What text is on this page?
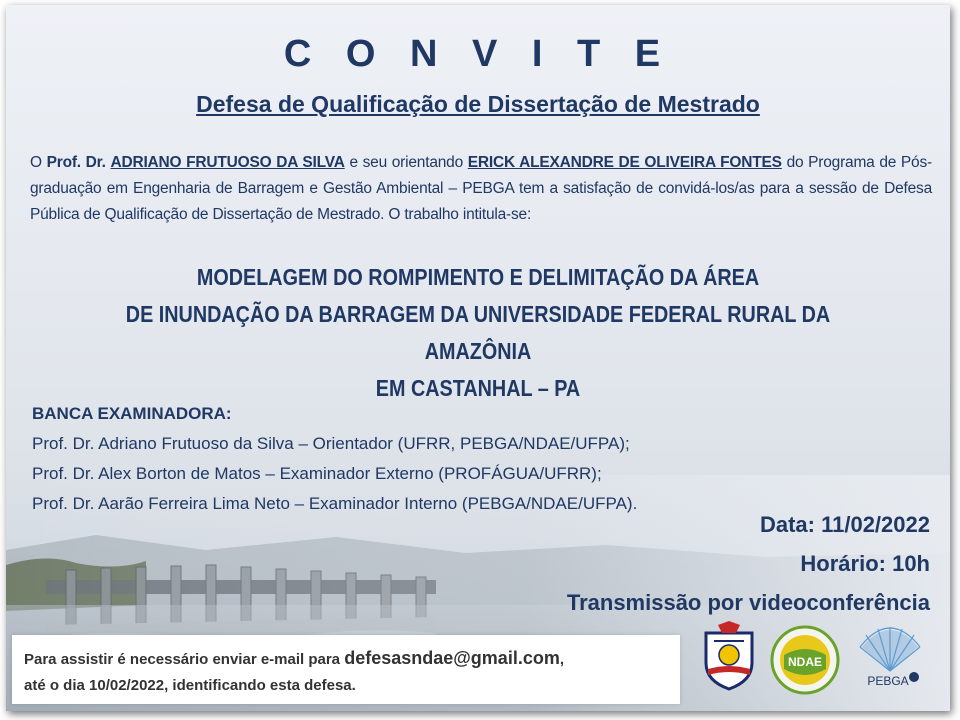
C O N V I T E
Defesa de Qualificação de Dissertação de Mestrado
O Prof. Dr. ADRIANO FRUTUOSO DA SILVA e seu orientando ERICK ALEXANDRE DE OLIVEIRA FONTES do Programa de Pós-graduação em Engenharia de Barragem e Gestão Ambiental – PEBGA tem a satisfação de convidá-los/as para a sessão de Defesa Pública de Qualificação de Dissertação de Mestrado. O trabalho intitula-se:
MODELAGEM DO ROMPIMENTO E DELIMITAÇÃO DA ÁREA
DE INUNDAÇÃO DA BARRAGEM DA UNIVERSIDADE FEDERAL RURAL DA AMAZÔNIA
EM CASTANHAL – PA
BANCA EXAMINADORA:
Prof. Dr. Adriano Frutuoso da Silva – Orientador (UFRR, PEBGA/NDAE/UFPA);
Prof. Dr. Alex Borton de Matos – Examinador Externo (PROFÁGUA/UFRR);
Prof. Dr. Aarão Ferreira Lima Neto – Examinador Interno (PEBGA/NDAE/UFPA).
Data: 11/02/2022
Horário: 10h
Transmissão por videoconferência

Para assistir é necessário enviar e-mail para defesasndae@gmail.com,
até o dia 10/02/2022, identificando esta defesa.

NDAE
PEBGA
